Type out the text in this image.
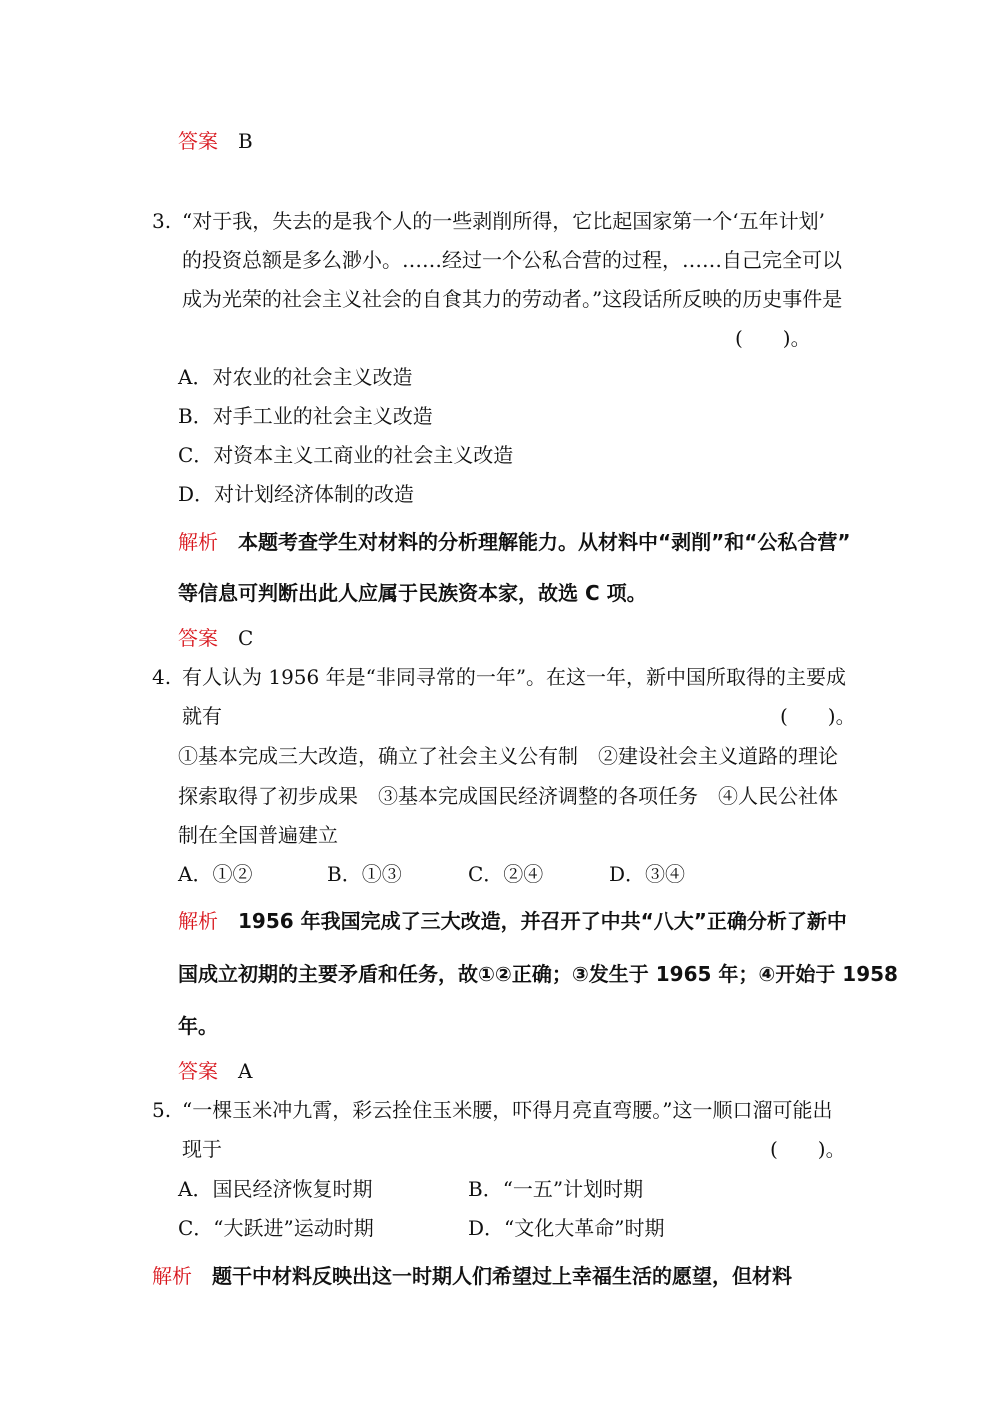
答案 B
3. “对于我，失去的是我个人的一些剥削所得，它比起国家第一个‘五年计划’
的投资总额是多么渺小。……经过一个公私合营的过程，……自己完全可以
成为光荣的社会主义社会的自食其力的劳动者。”这段话所反映的历史事件是
(　　)。
A．对农业的社会主义改造
B．对手工业的社会主义改造
C．对资本主义工商业的社会主义改造
D．对计划经济体制的改造
解析 本题考查学生对材料的分析理解能力。从材料中“剥削”和“公私合营”
等信息可判断出此人应属于民族资本家，故选 C 项。
答案 C
4. 有人认为 1956 年是“非同寻常的一年”。在这一年，新中国所取得的主要成
就有	(　　)。
①基本完成三大改造，确立了社会主义公有制　②建设社会主义道路的理论
探索取得了初步成果　③基本完成国民经济调整的各项任务　④人民公社体
制在全国普遍建立
A．①②	B．①③	C．②④	D．③④
解析 1956 年我国完成了三大改造，并召开了中共“八大”正确分析了新中
国成立初期的主要矛盾和任务，故①②正确；③发生于 1965 年；④开始于 1958
年。
答案 A
5. “一棵玉米冲九霄，彩云拴住玉米腰，吓得月亮直弯腰。”这一顺口溜可能出
现于	(　　)。
A．国民经济恢复时期	B．“一五”计划时期
C．“大跃进”运动时期	D．“文化大革命”时期
解析 题干中材料反映出这一时期人们希望过上幸福生活的愿望，但材料
